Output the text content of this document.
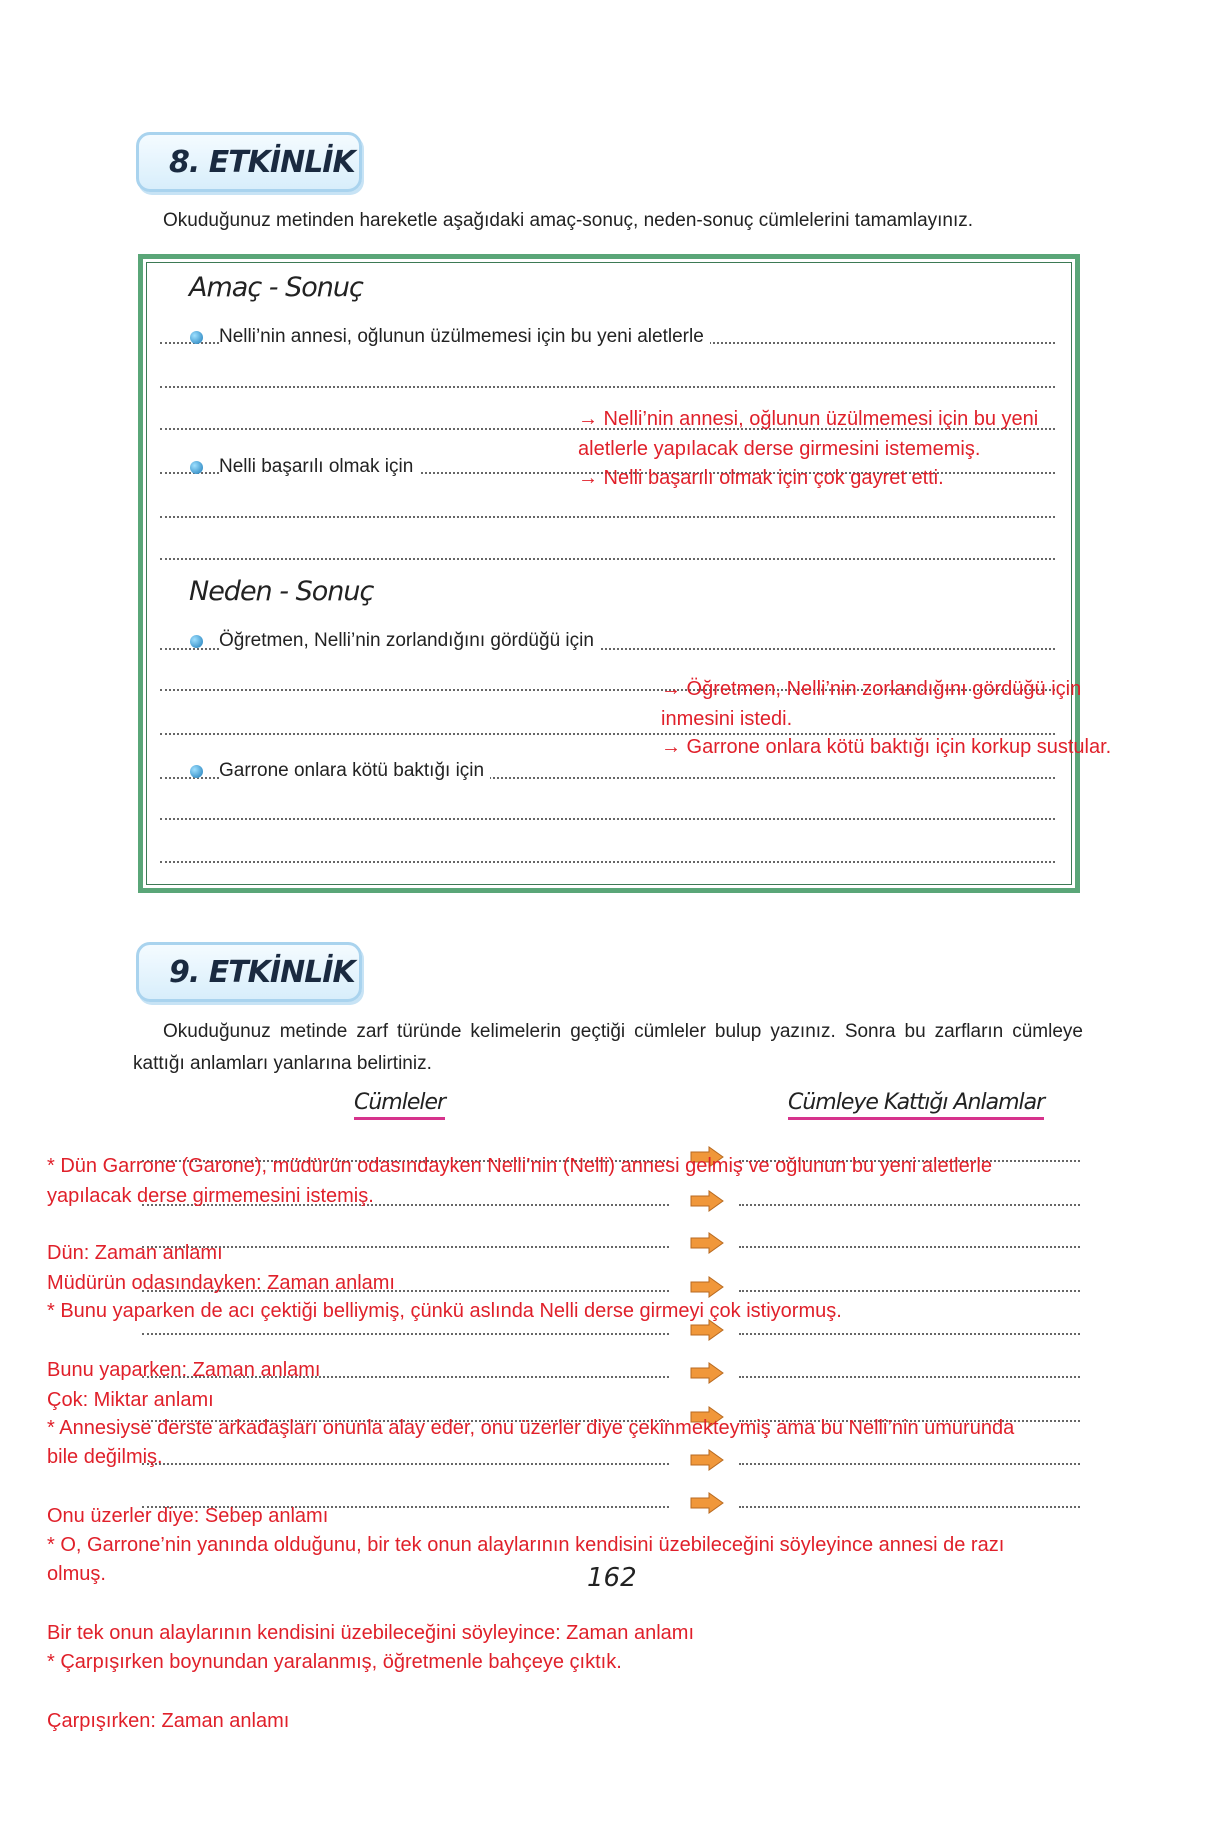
8. ETKİNLİK
Okuduğunuz metinden hareketle aşağıdaki amaç-sonuç, neden-sonuç cümlelerini tamamlayınız.
Amaç - Sonuç
Nelli’nin annesi, oğlunun üzülmemesi için bu yeni aletlerle
Nelli başarılı olmak için
→ Nelli’nin annesi, oğlunun üzülmemesi için bu yeni
aletlerle yapılacak derse girmesini istememiş.
→ Nelli başarılı olmak için çok gayret etti.
Neden - Sonuç
Öğretmen, Nelli’nin zorlandığını gördüğü için
Garrone onlara kötü baktığı için
→ Öğretmen, Nelli’nin zorlandığını gördüğü için
inmesini istedi.
→ Garrone onlara kötü baktığı için korkup sustular.
9. ETKİNLİK
Okuduğunuz metinde zarf türünde kelimelerin geçtiği cümleler bulup yazınız. Sonra bu zarfların cümleye kattığı anlamları yanlarına belirtiniz.
Cümleler	Cümleye Kattığı Anlamlar
162
* Dün Garrone (Garone), müdürün odasındayken Nelli’nin (Nelli) annesi gelmiş ve oğlunun bu yeni aletlerle
yapılacak derse girmemesini istemiş.
Dün: Zaman anlamı
Müdürün odasındayken: Zaman anlamı
* Bunu yaparken de acı çektiği belliymiş, çünkü aslında Nelli derse girmeyi çok istiyormuş.
Bunu yaparken: Zaman anlamı
Çok: Miktar anlamı
* Annesiyse derste arkadaşları onunla alay eder, onu üzerler diye çekinmekteymiş ama bu Nelli’nin umurunda
bile değilmiş.
Onu üzerler diye: Sebep anlamı
* O, Garrone’nin yanında olduğunu, bir tek onun alaylarının kendisini üzebileceğini söyleyince annesi de razı
olmuş.
Bir tek onun alaylarının kendisini üzebileceğini söyleyince: Zaman anlamı
* Çarpışırken boynundan yaralanmış, öğretmenle bahçeye çıktık.
Çarpışırken: Zaman anlamı
